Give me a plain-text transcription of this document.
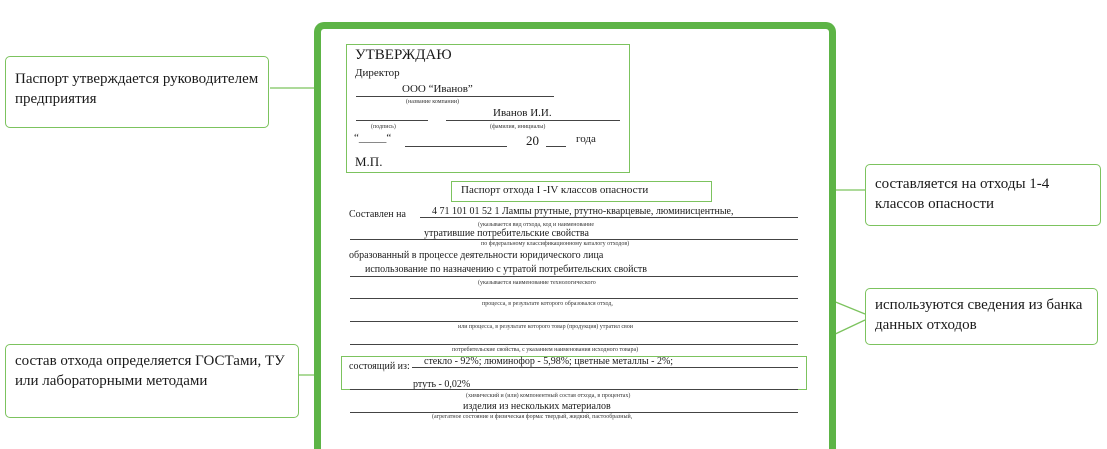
УТВЕРЖДАЮ
Директор
ООО “Иванов”
(название компании)
Иванов И.И.
(подпись)	(фамилия, инициалы)
“_____“	20	года
М.П.
Паспорт отхода I -IV классов опасности
Составлен на	4 71 101 01 52 1 Лампы ртутные, ртутно-кварцевые, люминисцентные,
(указывается вид отхода, код и наименование
утратившие потребительские свойства
по федеральному классификационному каталогу отходов)
образованный в процессе деятельности юридического лица
использование по назначению с утратой потребительских свойств
(указывается наименование технологического
процесса, в результате которого образовался отход,
или процесса, в результате которого товар (продукция) утратил свои
потребительские свойства, с указанием наименования исходного товара)
состоящий из: стекло - 92%; люминофор - 5,98%; цветные металлы - 2%;
ртуть - 0,02%
(химический и (или) компонентный состав отхода, в процентах)
изделия из нескольких материалов
(агрегатное состояние и физическая форма: твердый, жидкий, пастообразный,
Паспорт утверждается руководителем предприятия
составляется на отходы 1-4 классов опасности
используются сведения из банка данных отходов
состав отхода определяется ГОСТами, ТУ или лабораторными методами
